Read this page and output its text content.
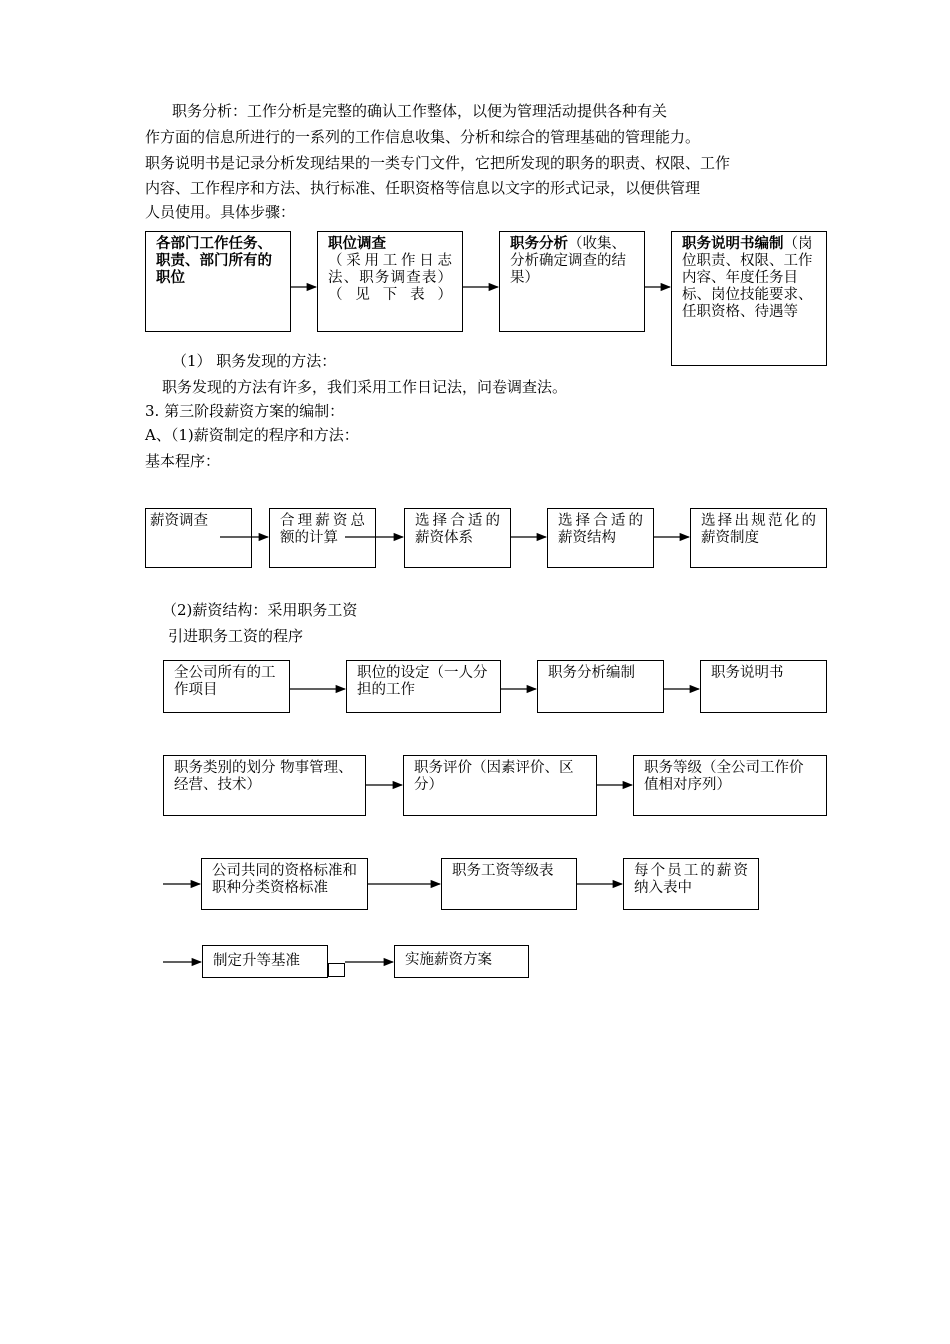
职务分析：工作分析是完整的确认工作整体，以便为管理活动提供各种有关
作方面的信息所进行的一系列的工作信息收集、分析和综合的管理基础的管理能力。
职务说明书是记录分析发现结果的一类专门文件，它把所发现的职务的职责、权限、工作
内容、工作程序和方法、执行标准、任职资格等信息以文字的形式记录，以便供管理
人员使用。具体步骤：
各部门工作任务、职责、部门所有的职位
职位调查
（采用工作日志法、职务调查表）（见下表）
职务分析（收集、分析确定调查的结果）
职务说明书编制（岗位职责、权限、工作内容、年度任务目标、岗位技能要求、任职资格、待遇等
（1） 职务发现的方法：
职务发现的方法有许多，我们采用工作日记法，问卷调查法。
3. 第三阶段薪资方案的编制：
A、（1)薪资制定的程序和方法：
基本程序：
薪资调查	合理薪资总额的计算
选择合适的薪资体系
选择合适的薪资结构
选择出规范化的薪资制度
（2)薪资结构：采用职务工资
引进职务工资的程序
全公司所有的工作项目
职位的设定（一人分担的工作
职务分析编制	职务说明书
职务类别的划分 物事管理、经营、技术）
职务评价（因素评价、区分）
职务等级（全公司工作价值相对序列）
公司共同的资格标准和职种分类资格标准
职务工资等级表	每个员工的薪资纳入表中
制定升等基准	实施薪资方案
